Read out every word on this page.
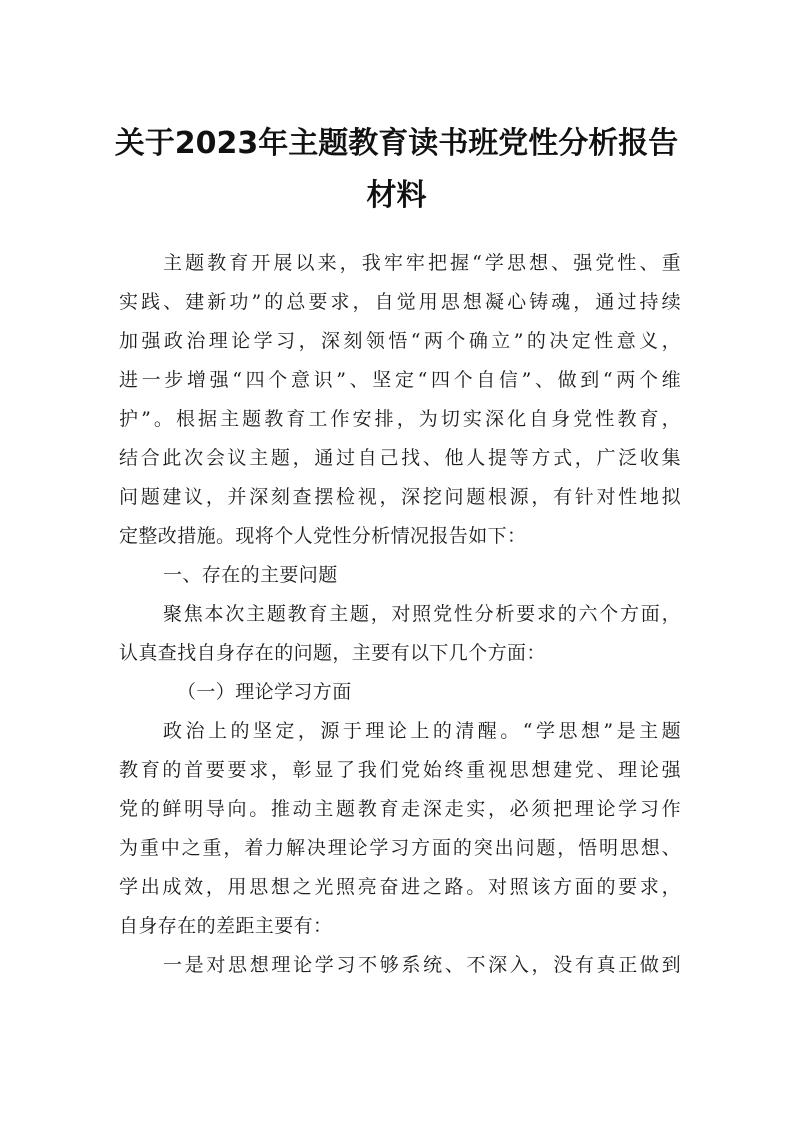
关于2023年主题教育读书班党性分析报告
材料
主题教育开展以来，我牢牢把握“学思想、强党性、重
实践、建新功”的总要求，自觉用思想凝心铸魂，通过持续
加强政治理论学习，深刻领悟“两个确立”的决定性意义，
进一步增强“四个意识”、坚定“四个自信”、做到“两个维
护”。根据主题教育工作安排，为切实深化自身党性教育，
结合此次会议主题，通过自己找、他人提等方式，广泛收集
问题建议，并深刻查摆检视，深挖问题根源，有针对性地拟
定整改措施。现将个人党性分析情况报告如下：
一、存在的主要问题
聚焦本次主题教育主题，对照党性分析要求的六个方面，
认真查找自身存在的问题，主要有以下几个方面：
（一）理论学习方面
政治上的坚定，源于理论上的清醒。“学思想”是主题
教育的首要要求，彰显了我们党始终重视思想建党、理论强
党的鲜明导向。推动主题教育走深走实，必须把理论学习作
为重中之重，着力解决理论学习方面的突出问题，悟明思想、
学出成效，用思想之光照亮奋进之路。对照该方面的要求，
自身存在的差距主要有：
一是对思想理论学习不够系统、不深入，没有真正做到
